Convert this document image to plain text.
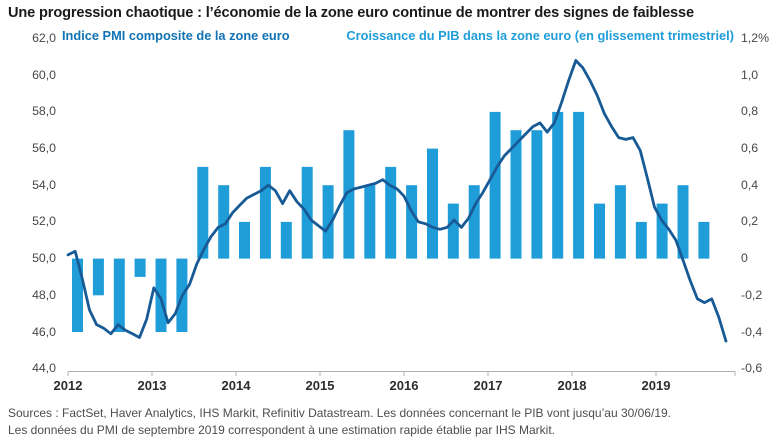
Une progression chaotique : l’économie de la zone euro continue de montrer des signes de faiblesse
Indice PMI composite de la zone euro	Croissance du PIB dans la zone euro (en glissement trimestriel)
62,0
60,0
58,0
56,0
54,0
52,0
50,0
48,0
46,0
44,0
1,2%
1,0
0,8
0,6
0,4
0,2
0
-0,2
-0,4
-0,6
2012	2013	2014	2015	2016	2017	2018	2019
Sources : FactSet, Haver Analytics, IHS Markit, Refinitiv Datastream. Les données concernant le PIB vont jusqu’au 30/06/19.
Les données du PMI de septembre 2019 correspondent à une estimation rapide établie par IHS Markit.
